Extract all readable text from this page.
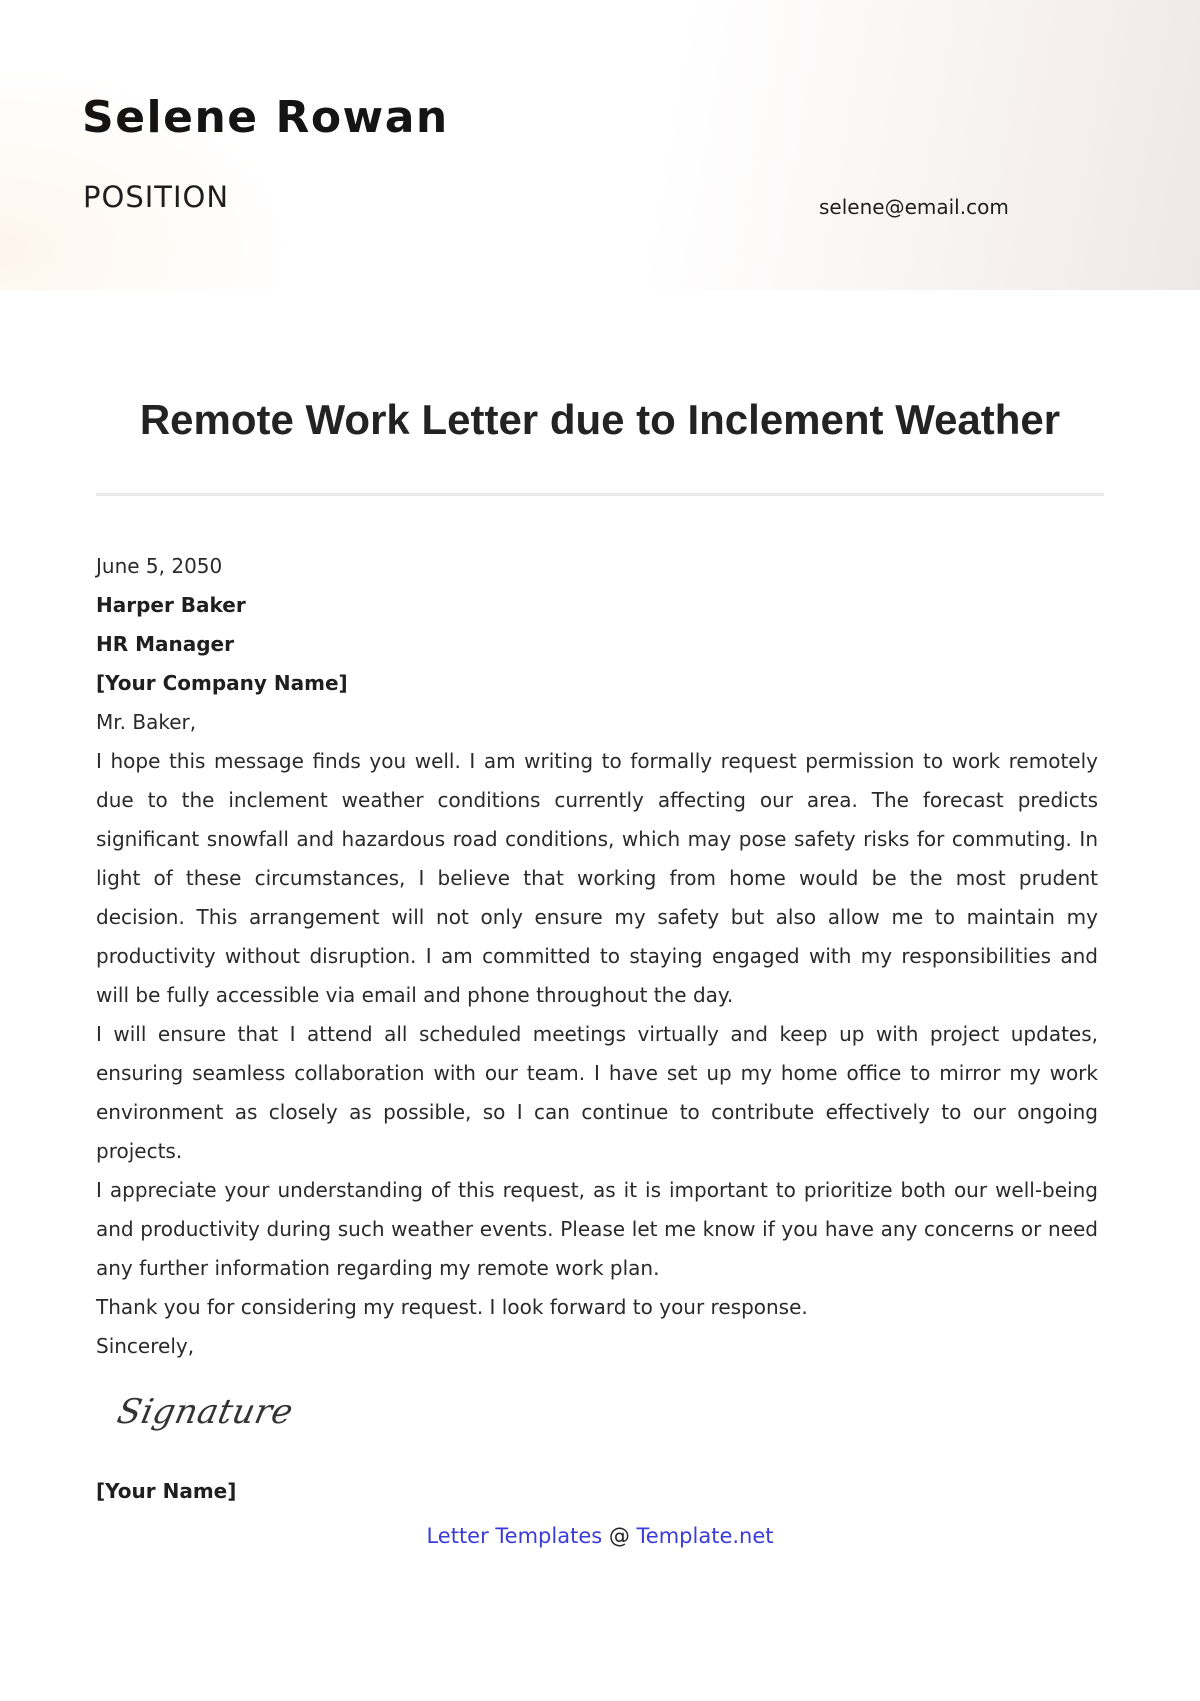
Selene Rowan
POSITION	selene@email.com
Remote Work Letter due to Inclement Weather

June 5, 2050

Harper Baker

HR Manager

[Your Company Name]

Mr. Baker,

I hope this message finds you well. I am writing to formally request permission to work remotely due to the inclement weather conditions currently affecting our area. The forecast predicts significant snowfall and hazardous road conditions, which may pose safety risks for commuting. In light of these circumstances, I believe that working from home would be the most prudent decision. This arrangement will not only ensure my safety but also allow me to maintain my productivity without disruption. I am committed to staying engaged with my responsibilities and will be fully accessible via email and phone throughout the day.

I will ensure that I attend all scheduled meetings virtually and keep up with project updates, ensuring seamless collaboration with our team. I have set up my home office to mirror my work environment as closely as possible, so I can continue to contribute effectively to our ongoing projects.

I appreciate your understanding of this request, as it is important to prioritize both our well-being and productivity during such weather events. Please let me know if you have any concerns or need any further information regarding my remote work plan.

Thank you for considering my request. I look forward to your response.

Sincerely,

Signature
[Your Name]
Letter Templates @ Template.net
